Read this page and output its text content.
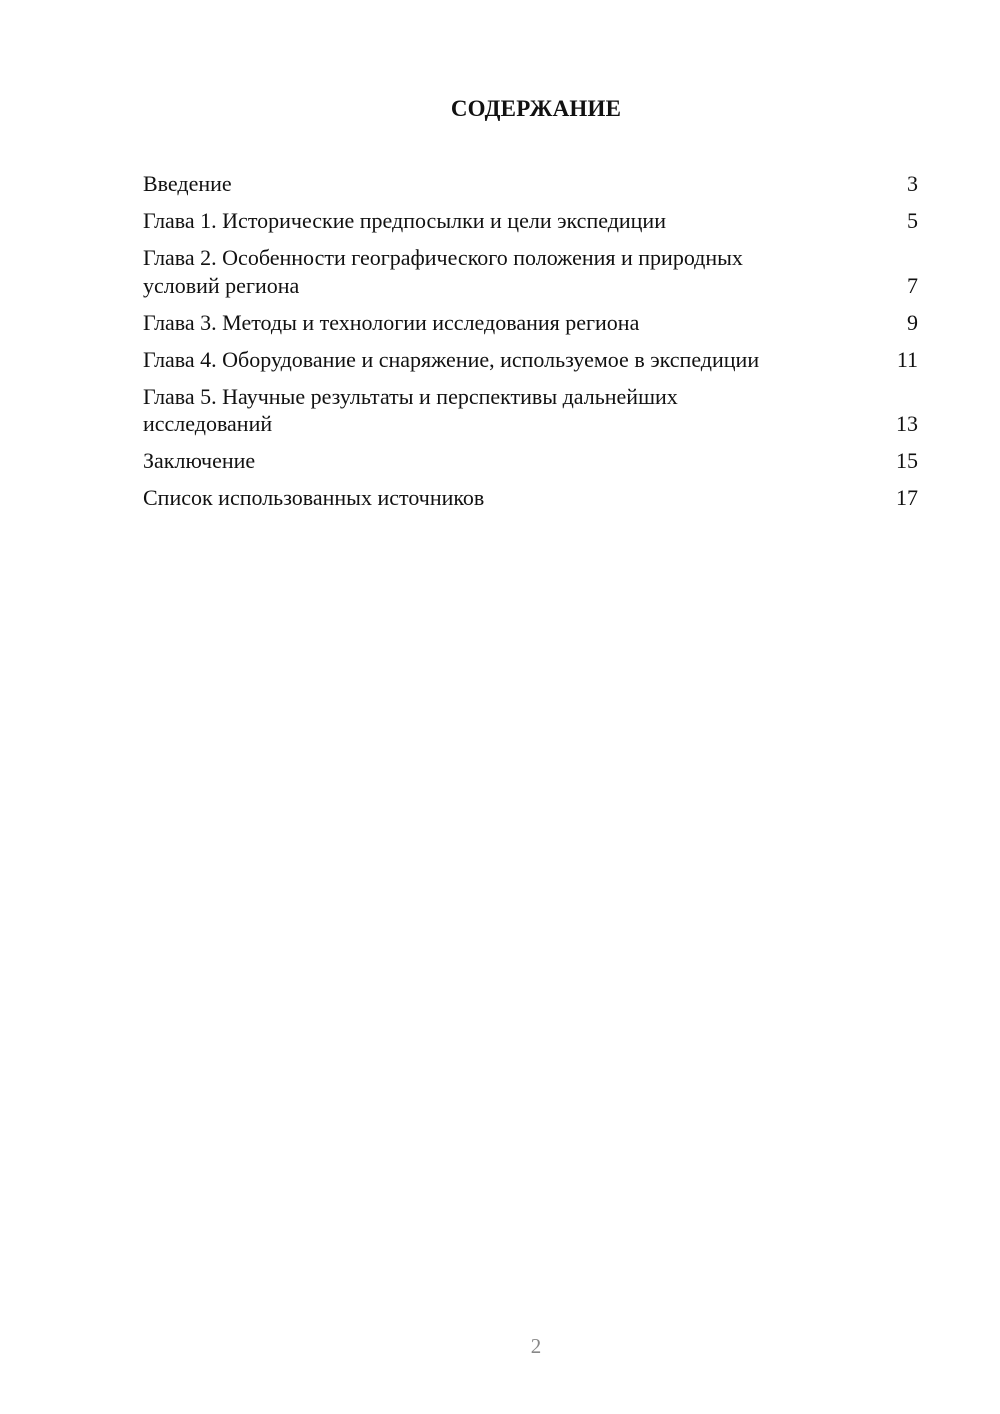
СОДЕРЖАНИЕ
Введение	3
Глава 1. Исторические предпосылки и цели экспедиции	5
Глава 2. Особенности географического положения и природных условий региона	7
Глава 3. Методы и технологии исследования региона	9
Глава 4. Оборудование и снаряжение, используемое в экспедиции	11
Глава 5. Научные результаты и перспективы дальнейших исследований	13
Заключение	15
Список использованных источников	17
2
